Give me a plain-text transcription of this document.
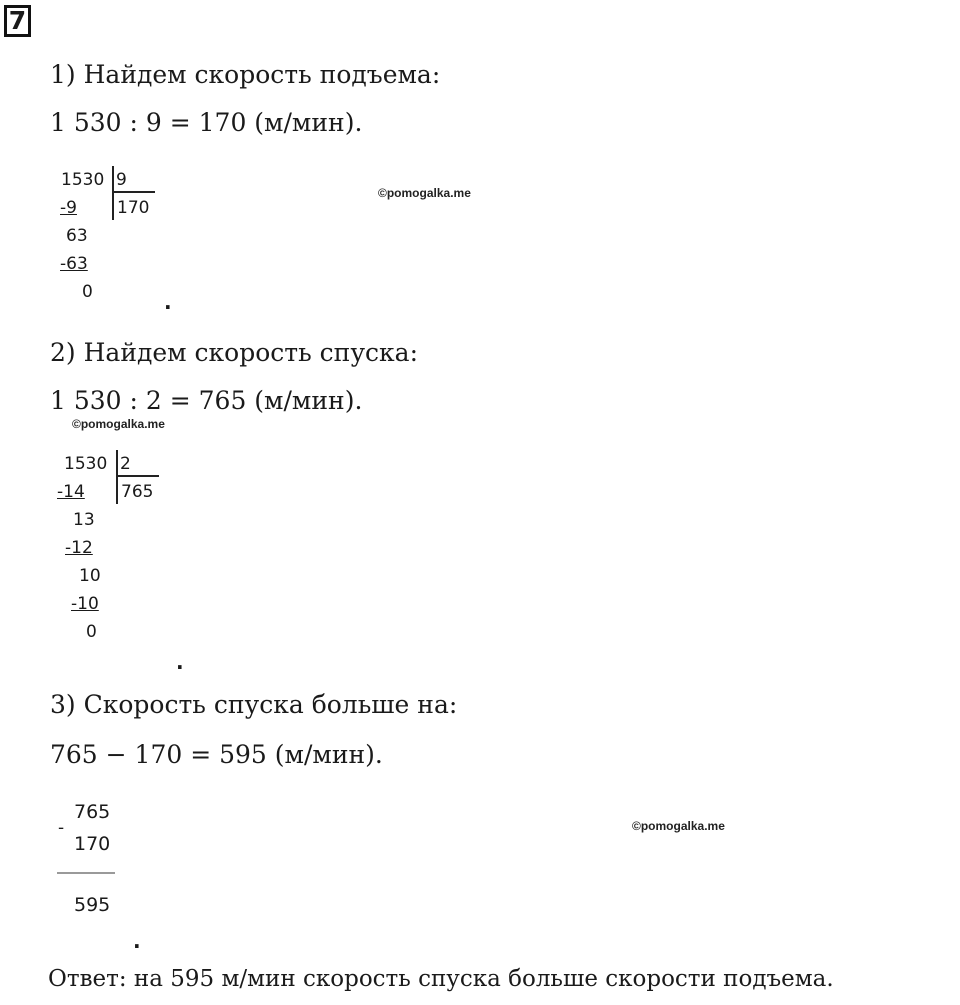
7
1) Найдем скорость подъема:
1 530 : 9 = 170 (м/мин).
1530 9
170
-9
63
-63
0	.
©pomogalka.me
2) Найдем скорость спуска:
1 530 : 2 = 765 (м/мин).
©pomogalka.me
1530 2
765
-14
13
-12
10
-10
0
.
3) Скорость спуска больше на:
765 − 170 = 595 (м/мин).
-
765
170
595
.
©pomogalka.me
Ответ: на 595 м/мин скорость спуска больше скорости подъема.
